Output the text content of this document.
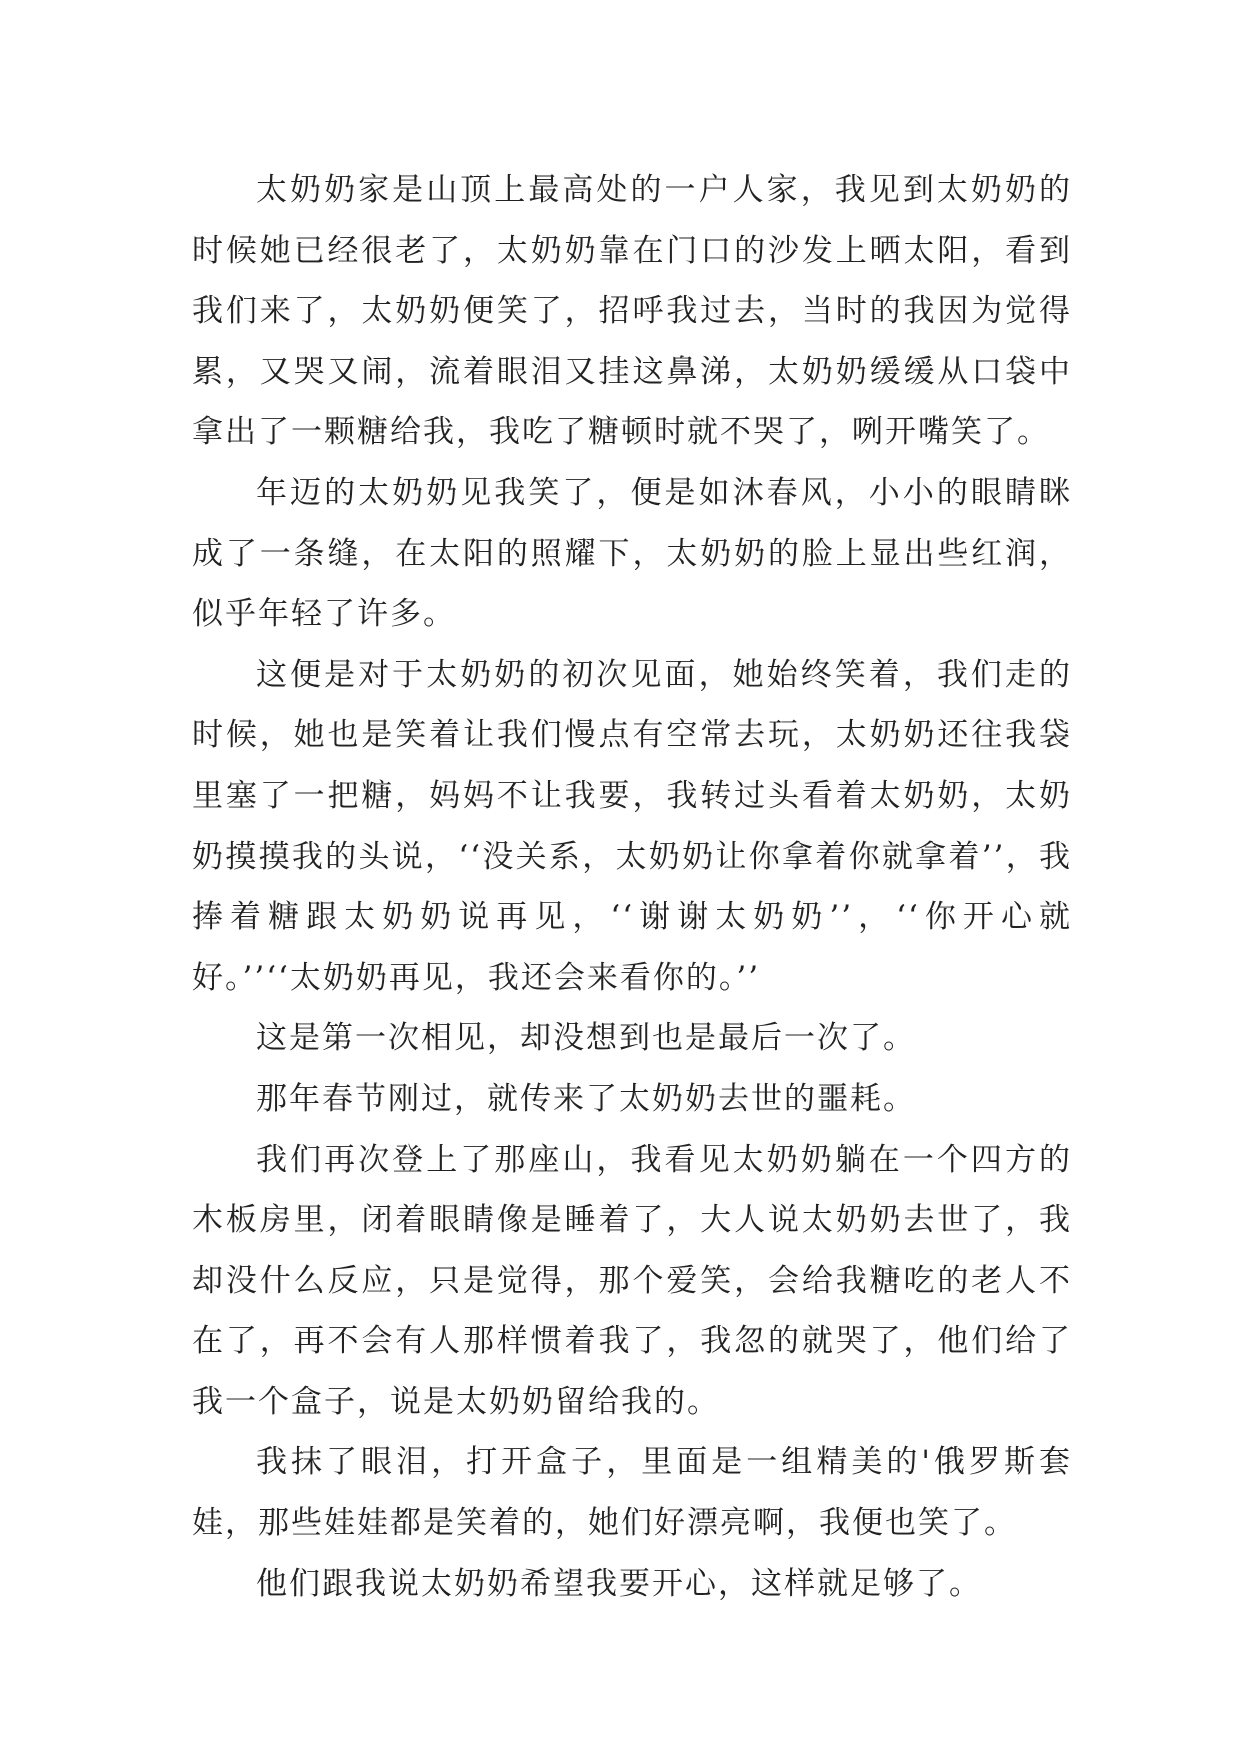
太奶奶家是山顶上最高处的一户人家，我见到太奶奶的时候她已经很老了，太奶奶靠在门口的沙发上晒太阳，看到我们来了，太奶奶便笑了，招呼我过去，当时的我因为觉得累，又哭又闹，流着眼泪又挂这鼻涕，太奶奶缓缓从口袋中拿出了一颗糖给我，我吃了糖顿时就不哭了，咧开嘴笑了。

年迈的太奶奶见我笑了，便是如沐春风，小小的眼睛眯成了一条缝，在太阳的照耀下，太奶奶的脸上显出些红润，似乎年轻了许多。

这便是对于太奶奶的初次见面，她始终笑着，我们走的时候，她也是笑着让我们慢点有空常去玩，太奶奶还往我袋里塞了一把糖，妈妈不让我要，我转过头看着太奶奶，太奶奶摸摸我的头说，‘‘没关系，太奶奶让你拿着你就拿着’’，我捧着糖跟太奶奶说再见，‘‘谢谢太奶奶’’，‘‘你开心就好。’’‘‘太奶奶再见，我还会来看你的。’’

这是第一次相见，却没想到也是最后一次了。

那年春节刚过，就传来了太奶奶去世的噩耗。

我们再次登上了那座山，我看见太奶奶躺在一个四方的木板房里，闭着眼睛像是睡着了，大人说太奶奶去世了，我却没什么反应，只是觉得，那个爱笑，会给我糖吃的老人不在了，再不会有人那样惯着我了，我忽的就哭了，他们给了我一个盒子，说是太奶奶留给我的。

我抹了眼泪，打开盒子，里面是一组精美的'俄罗斯套娃，那些娃娃都是笑着的，她们好漂亮啊，我便也笑了。

他们跟我说太奶奶希望我要开心，这样就足够了。
